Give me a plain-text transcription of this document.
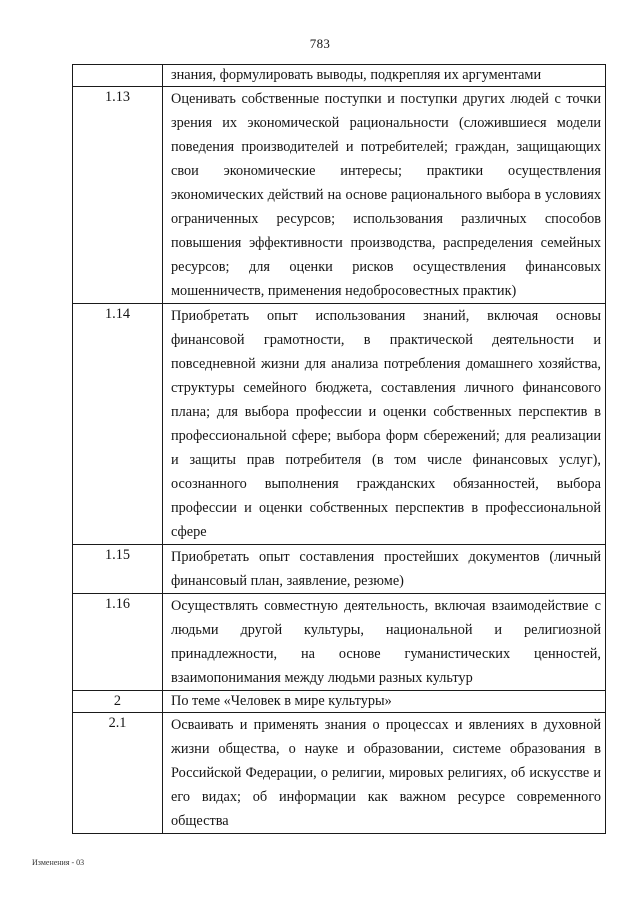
783
	знания, формулировать выводы, подкрепляя их аргументами
1.13	Оценивать собственные поступки и поступки других людей с точки зрения их экономической рациональности (сложившиеся модели поведения производителей и потребителей; граждан, защищающих свои экономические интересы; практики осуществления экономических действий на основе рационального выбора в условиях ограниченных ресурсов; использования различных способов повышения эффективности производства, распределения семейных ресурсов; для оценки рисков осуществления финансовых мошенничеств, применения недобросовестных практик)
1.14	Приобретать опыт использования знаний, включая основы финансовой грамотности, в практической деятельности и повседневной жизни для анализа потребления домашнего хозяйства, структуры семейного бюджета, составления личного финансового плана; для выбора профессии и оценки собственных перспектив в профессиональной сфере; выбора форм сбережений; для реализации и защиты прав потребителя (в том числе финансовых услуг), осознанного выполнения гражданских обязанностей, выбора профессии и оценки собственных перспектив в профессиональной сфере
1.15	Приобретать опыт составления простейших документов (личный финансовый план, заявление, резюме)
1.16	Осуществлять совместную деятельность, включая взаимодействие с людьми другой культуры, национальной и религиозной принадлежности, на основе гуманистических ценностей, взаимопонимания между людьми разных культур
2	По теме «Человек в мире культуры»
2.1	Осваивать и применять знания о процессах и явлениях в духовной жизни общества, о науке и образовании, системе образования в Российской Федерации, о религии, мировых религиях, об искусстве и его видах; об информации как важном ресурсе современного общества
Изменения - 03
